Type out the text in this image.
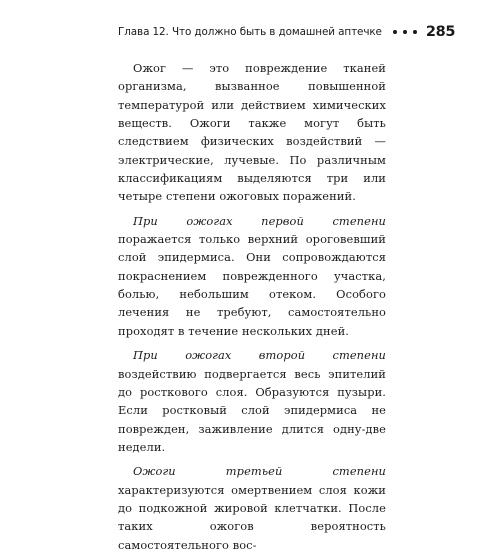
Глава 12. Что должно быть в домашней аптечке	285

Ожог — это повреждение тканей организма, вызванное повышенной температурой или действием химических веществ. Ожоги также могут быть следствием физических воздействий — электрические, лучевые. По различным классификациям выделяются три или четыре степени ожоговых поражений.

При ожогах первой степени поражается только верхний ороговевший слой эпидермиса. Они сопровождаются покраснением поврежденного участка, болью, небольшим отеком. Особого лечения не требуют, самостоятельно проходят в течение нескольких дней.

При ожогах второй степени воздействию подвергается весь эпителий до росткового слоя. Образуются пузыри. Если ростковый слой эпидермиса не поврежден, заживление длится одну-две недели.

Ожоги третьей степени характеризуются омертвением слоя кожи до подкожной жировой клетчатки. После таких ожогов вероятность самостоятельного вос-
